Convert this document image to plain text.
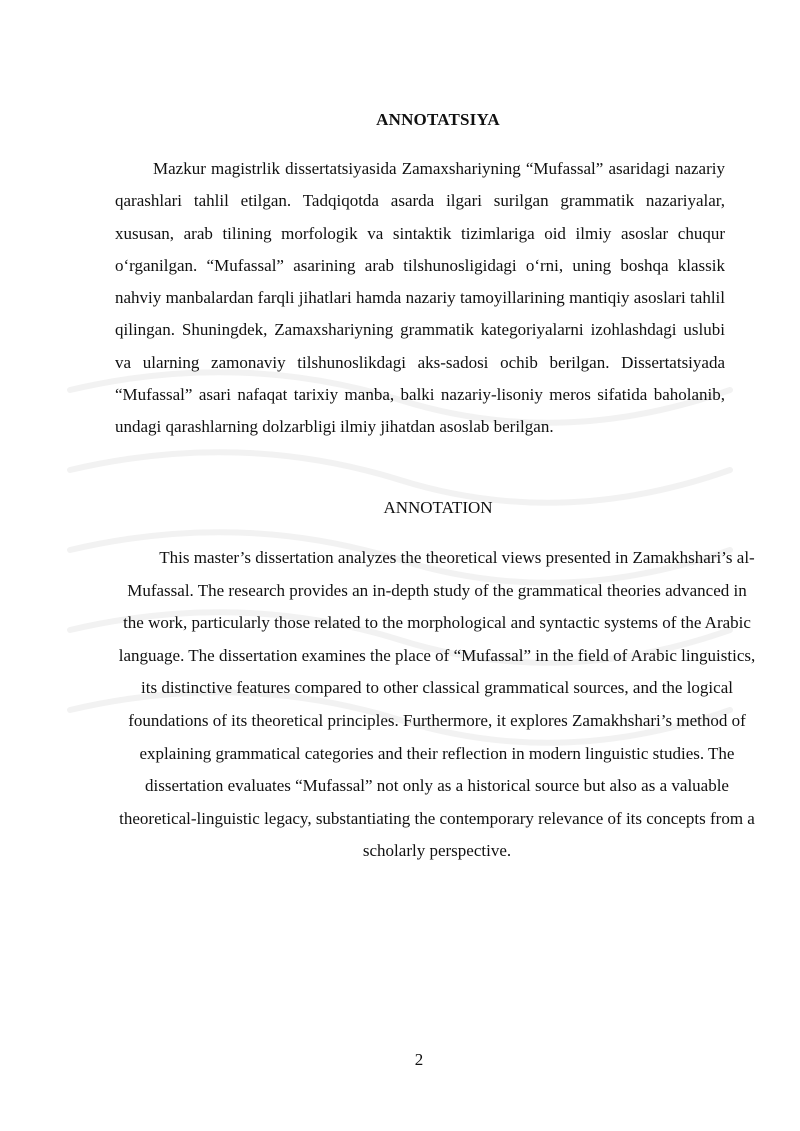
ANNOTATSIYA

Mazkur magistrlik dissertatsiyasida Zamaxshariyning “Mufassal” asaridagi nazariy qarashlari tahlil etilgan. Tadqiqotda asarda ilgari surilgan grammatik nazariyalar, xususan, arab tilining morfologik va sintaktik tizimlariga oid ilmiy asoslar chuqur o‘rganilgan. “Mufassal” asarining arab tilshunosligidagi o‘rni, uning boshqa klassik nahviy manbalardan farqli jihatlari hamda nazariy tamoyillarining mantiqiy asoslari tahlil qilingan. Shuningdek, Zamaxshariyning grammatik kategoriyalarni izohlashdagi uslubi va ularning zamonaviy tilshunoslikdagi aks-sadosi ochib berilgan. Dissertatsiyada “Mufassal” asari nafaqat tarixiy manba, balki nazariy-lisoniy meros sifatida baholanib, undagi qarashlarning dolzarbligi ilmiy jihatdan asoslab berilgan.

ANNOTATION

This master’s dissertation analyzes the theoretical views presented in Zamakhshari’s al-Mufassal. The research provides an in-depth study of the grammatical theories advanced in the work, particularly those related to the morphological and syntactic systems of the Arabic language. The dissertation examines the place of “Mufassal” in the field of Arabic linguistics, its distinctive features compared to other classical grammatical sources, and the logical foundations of its theoretical principles. Furthermore, it explores Zamakhshari’s method of explaining grammatical categories and their reflection in modern linguistic studies. The dissertation evaluates “Mufassal” not only as a historical source but also as a valuable theoretical-linguistic legacy, substantiating the contemporary relevance of its concepts from a scholarly perspective.

2
